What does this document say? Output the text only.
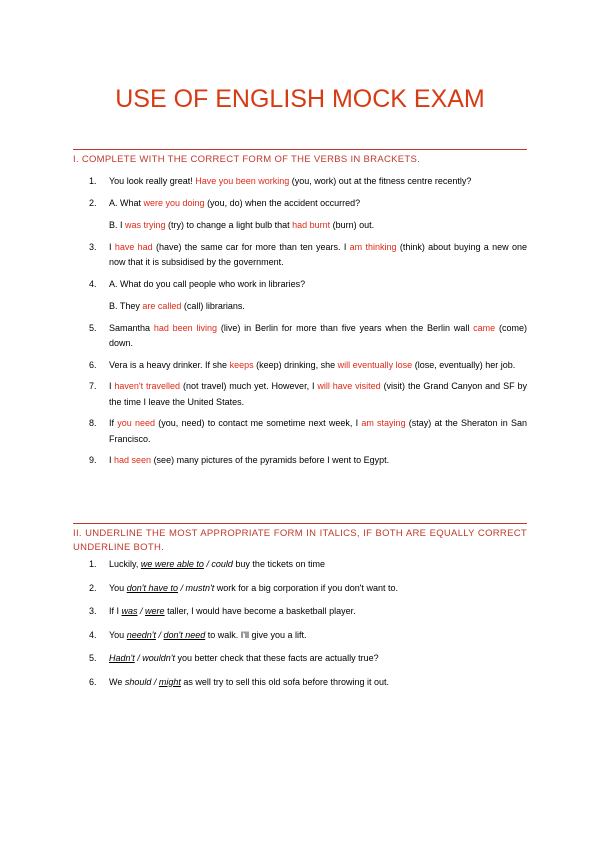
USE OF ENGLISH MOCK EXAM
I. COMPLETE WITH THE CORRECT FORM OF THE VERBS IN BRACKETS.
1. You look really great! Have you been working (you, work) out at the fitness centre recently?

2. A. What were you doing (you, do) when the accident occurred?

B. I was trying (try) to change a light bulb that had burnt (burn) out.

3. I have had (have) the same car for more than ten years. I am thinking (think) about buying a new one now that it is subsidised by the government.

4. A. What do you call people who work in libraries?

B. They are called (call) librarians.

5. Samantha had been living (live) in Berlin for more than five years when the Berlin wall came (come) down.

6. Vera is a heavy drinker. If she keeps (keep) drinking, she will eventually lose (lose, eventually) her job.

7. I haven't travelled (not travel) much yet. However, I will have visited (visit) the Grand Canyon and SF by the time I leave the United States.

8. If you need (you, need) to contact me sometime next week, I am staying (stay) at the Sheraton in San Francisco.

9. I had seen (see) many pictures of the pyramids before I went to Egypt.

II. UNDERLINE THE MOST APPROPRIATE FORM IN ITALICS, IF BOTH ARE EQUALLY CORRECT UNDERLINE BOTH.
1. Luckily, we were able to / could buy the tickets on time

2. You don't have to / mustn't work for a big corporation if you don't want to.

3. If I was / were taller, I would have become a basketball player.

4. You needn't / don't need to walk. I'll give you a lift.

5. Hadn't / wouldn't you better check that these facts are actually true?

6. We should / might as well try to sell this old sofa before throwing it out.
